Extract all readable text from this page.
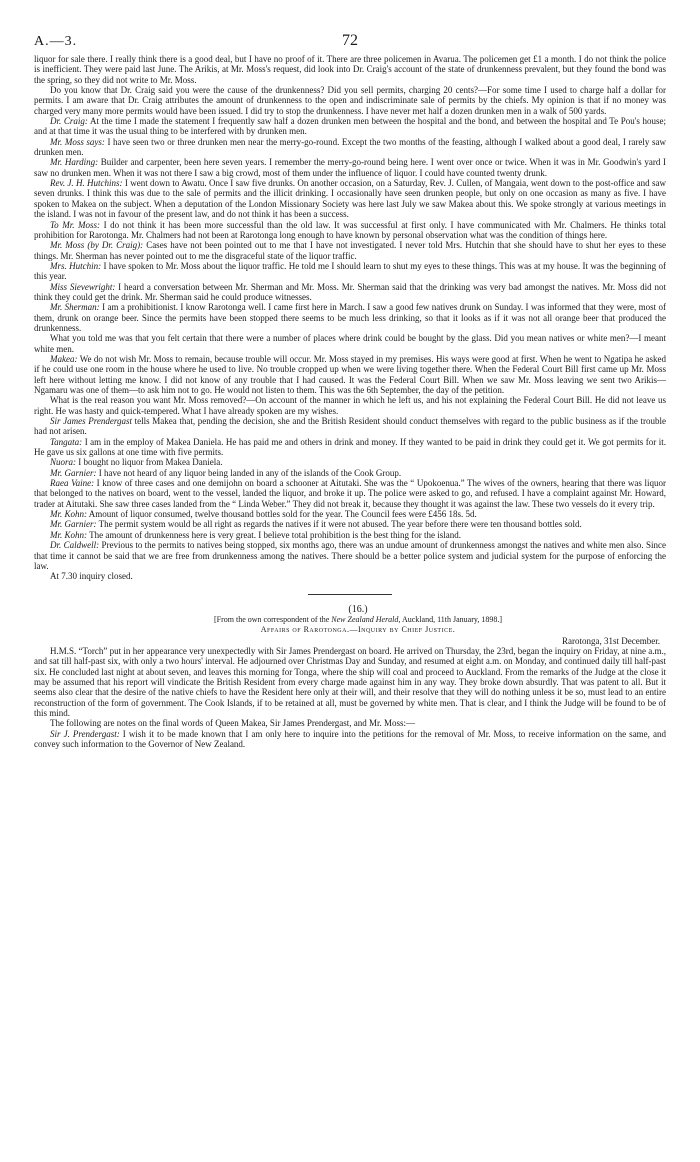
A.—3.	72

liquor for sale there. I really think there is a good deal, but I have no proof of it. There are three policemen in Avarua. The policemen get £1 a month. I do not think the police is inefficient. They were paid last June. The Arikis, at Mr. Moss's request, did look into Dr. Craig's account of the state of drunkenness prevalent, but they found the bond was the spring, so they did not write to Mr. Moss.

Do you know that Dr. Craig said you were the cause of the drunkenness? Did you sell permits, charging 20 cents?—For some time I used to charge half a dollar for permits. I am aware that Dr. Craig attributes the amount of drunkenness to the open and indiscriminate sale of permits by the chiefs. My opinion is that if no money was charged very many more permits would have been issued. I did try to stop the drunkenness. I have never met half a dozen drunken men in a walk of 500 yards.

Dr. Craig: At the time I made the statement I frequently saw half a dozen drunken men between the hospital and the bond, and between the hospital and Te Pou's house; and at that time it was the usual thing to be interfered with by drunken men.

Mr. Moss says: I have seen two or three drunken men near the merry-go-round. Except the two months of the feasting, although I walked about a good deal, I rarely saw drunken men.

Mr. Harding: Builder and carpenter, been here seven years. I remember the merry-go-round being here. I went over once or twice. When it was in Mr. Goodwin's yard I saw no drunken men. When it was not there I saw a big crowd, most of them under the influence of liquor. I could have counted twenty drunk.

Rev. J. H. Hutchins: I went down to Awatu. Once I saw five drunks. On another occasion, on a Saturday, Rev. J. Cullen, of Mangaia, went down to the post-office and saw seven drunks. I think this was due to the sale of permits and the illicit drinking. I occasionally have seen drunken people, but only on one occasion as many as five. I have spoken to Makea on the subject. When a deputation of the London Missionary Society was here last July we saw Makea about this. We spoke strongly at various meetings in the island. I was not in favour of the present law, and do not think it has been a success.

To Mr. Moss: I do not think it has been more successful than the old law. It was successful at first only. I have communicated with Mr. Chalmers. He thinks total prohibition for Rarotonga. Mr. Chalmers had not been at Rarotonga long enough to have known by personal observation what was the condition of things here.

Mr. Moss (by Dr. Craig): Cases have not been pointed out to me that I have not investigated. I never told Mrs. Hutchin that she should have to shut her eyes to these things. Mr. Sherman has never pointed out to me the disgraceful state of the liquor traffic.

Mrs. Hutchin: I have spoken to Mr. Moss about the liquor traffic. He told me I should learn to shut my eyes to these things. This was at my house. It was the beginning of this year.

Miss Sievewright: I heard a conversation between Mr. Sherman and Mr. Moss. Mr. Sherman said that the drinking was very bad amongst the natives. Mr. Moss did not think they could get the drink. Mr. Sherman said he could produce witnesses.

Mr. Sherman: I am a prohibitionist. I know Rarotonga well. I came first here in March. I saw a good few natives drunk on Sunday. I was informed that they were, most of them, drunk on orange beer. Since the permits have been stopped there seems to be much less drinking, so that it looks as if it was not all orange beer that produced the drunkenness.

What you told me was that you felt certain that there were a number of places where drink could be bought by the glass. Did you mean natives or white men?—I meant white men.

Makea: We do not wish Mr. Moss to remain, because trouble will occur. Mr. Moss stayed in my premises. His ways were good at first. When he went to Ngatipa he asked if he could use one room in the house where he used to live. No trouble cropped up when we were living together there. When the Federal Court Bill first came up Mr. Moss left here without letting me know. I did not know of any trouble that I had caused. It was the Federal Court Bill. When we saw Mr. Moss leaving we sent two Arikis—Ngamaru was one of them—to ask him not to go. He would not listen to them. This was the 6th September, the day of the petition.

What is the real reason you want Mr. Moss removed?—On account of the manner in which he left us, and his not explaining the Federal Court Bill. He did not leave us right. He was hasty and quick-tempered. What I have already spoken are my wishes.

Sir James Prendergast tells Makea that, pending the decision, she and the British Resident should conduct themselves with regard to the public business as if the trouble had not arisen.

Tangata: I am in the employ of Makea Daniela. He has paid me and others in drink and money. If they wanted to be paid in drink they could get it. We got permits for it. He gave us six gallons at one time with five permits.

Nuora: I bought no liquor from Makea Daniela.

Mr. Garnier: I have not heard of any liquor being landed in any of the islands of the Cook Group.

Raea Vaine: I know of three cases and one demijohn on board a schooner at Aitutaki. She was the “ Upokoenua.” The wives of the owners, hearing that there was liquor that belonged to the natives on board, went to the vessel, landed the liquor, and broke it up. The police were asked to go, and refused. I have a complaint against Mr. Howard, trader at Aitutaki. She saw three cases landed from the “ Linda Weber.” They did not break it, because they thought it was against the law. These two vessels do it every trip.

Mr. Kohn: Amount of liquor consumed, twelve thousand bottles sold for the year. The Council fees were £456 18s. 5d.

Mr. Garnier: The permit system would be all right as regards the natives if it were not abused. The year before there were ten thousand bottles sold.

Mr. Kohn: The amount of drunkenness here is very great. I believe total prohibition is the best thing for the island.

Dr. Caldwell: Previous to the permits to natives being stopped, six months ago, there was an undue amount of drunkenness amongst the natives and white men also. Since that time it cannot be said that we are free from drunkenness among the natives. There should be a better police system and judicial system for the purpose of enforcing the law.

At 7.30 inquiry closed.

(16.)

[From the own correspondent of the New Zealand Herald, Auckland, 11th January, 1898.]

Affairs of Rarotonga.—Inquiry by Chief Justice.

Rarotonga, 31st December.

H.M.S. “Torch” put in her appearance very unexpectedly with Sir James Prendergast on board. He arrived on Thursday, the 23rd, began the inquiry on Friday, at nine a.m., and sat till half-past six, with only a two hours' interval. He adjourned over Christmas Day and Sunday, and resumed at eight a.m. on Monday, and continued daily till half-past six. He concluded last night at about seven, and leaves this morning for Tonga, where the ship will coal and proceed to Auckland. From the remarks of the Judge at the close it may be assumed that his report will vindicate the British Resident from every charge made against him in any way. They broke down absurdly. That was patent to all. But it seems also clear that the desire of the native chiefs to have the Resident here only at their will, and their resolve that they will do nothing unless it be so, must lead to an entire reconstruction of the form of government. The Cook Islands, if to be retained at all, must be governed by white men. That is clear, and I think the Judge will be found to be of this mind.

The following are notes on the final words of Queen Makea, Sir James Prendergast, and Mr. Moss:—

Sir J. Prendergast: I wish it to be made known that I am only here to inquire into the petitions for the removal of Mr. Moss, to receive information on the same, and convey such information to the Governor of New Zealand.
